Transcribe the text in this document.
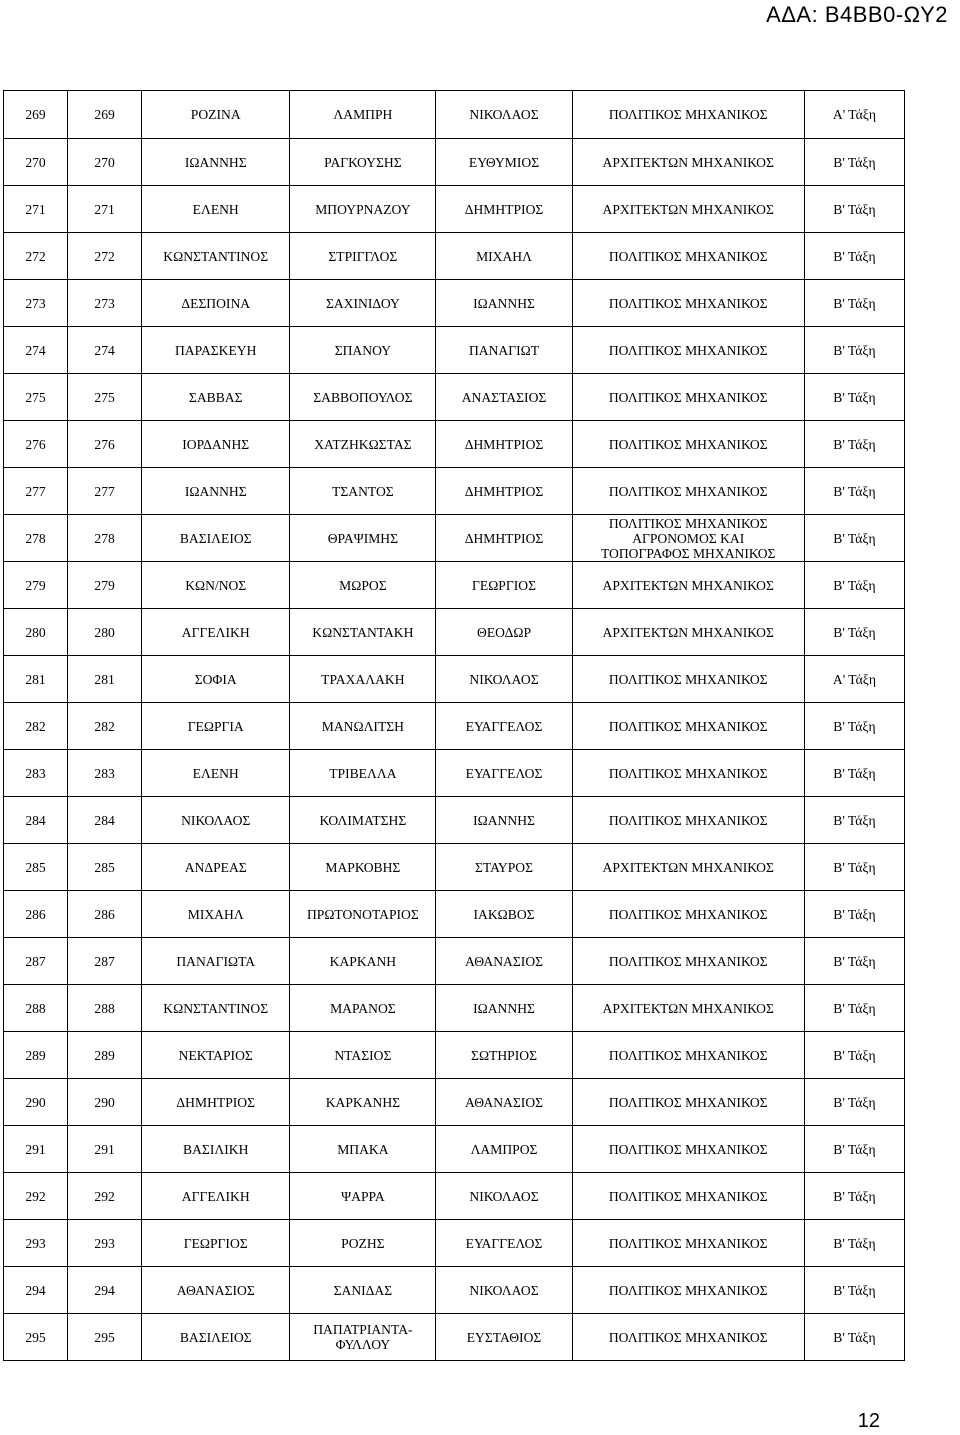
ΑΔΑ: Β4ΒΒ0-ΩΥ2
269	269	ΡΟΖΙΝΑ	ΛΑΜΠΡΗ	ΝΙΚΟΛΑΟΣ	ΠΟΛΙΤΙΚΟΣ ΜΗΧΑΝΙΚΟΣ	Α' Τάξη
270	270	ΙΩΑΝΝΗΣ	ΡΑΓΚΟΥΣΗΣ	ΕΥΘΥΜΙΟΣ	ΑΡΧΙΤΕΚΤΩΝ ΜΗΧΑΝΙΚΟΣ	Β' Τάξη
271	271	ΕΛΕΝΗ	ΜΠΟΥΡΝΑΖΟΥ	ΔΗΜΗΤΡΙΟΣ	ΑΡΧΙΤΕΚΤΩΝ ΜΗΧΑΝΙΚΟΣ	Β' Τάξη
272	272	ΚΩΝΣΤΑΝΤΙΝΟΣ	ΣΤΡΙΓΓΛΟΣ	ΜΙΧΑΗΛ	ΠΟΛΙΤΙΚΟΣ ΜΗΧΑΝΙΚΟΣ	Β' Τάξη
273	273	ΔΕΣΠΟΙΝΑ	ΣΑΧΙΝΙΔΟΥ	ΙΩΑΝΝΗΣ	ΠΟΛΙΤΙΚΟΣ ΜΗΧΑΝΙΚΟΣ	Β' Τάξη
274	274	ΠΑΡΑΣΚΕΥΗ	ΣΠΑΝΟΥ	ΠΑΝΑΓΙΩΤ	ΠΟΛΙΤΙΚΟΣ ΜΗΧΑΝΙΚΟΣ	Β' Τάξη
275	275	ΣΑΒΒΑΣ	ΣΑΒΒΟΠΟΥΛΟΣ	ΑΝΑΣΤΑΣΙΟΣ	ΠΟΛΙΤΙΚΟΣ ΜΗΧΑΝΙΚΟΣ	Β' Τάξη
276	276	ΙΟΡΔΑΝΗΣ	ΧΑΤΖΗΚΩΣΤΑΣ	ΔΗΜΗΤΡΙΟΣ	ΠΟΛΙΤΙΚΟΣ ΜΗΧΑΝΙΚΟΣ	Β' Τάξη
277	277	ΙΩΑΝΝΗΣ	ΤΣΑΝΤΟΣ	ΔΗΜΗΤΡΙΟΣ	ΠΟΛΙΤΙΚΟΣ ΜΗΧΑΝΙΚΟΣ	Β' Τάξη
278	278	ΒΑΣΙΛΕΙΟΣ	ΘΡΑΨΙΜΗΣ	ΔΗΜΗΤΡΙΟΣ	ΠΟΛΙΤΙΚΟΣ ΜΗΧΑΝΙΚΟΣ
ΑΓΡΟΝΟΜΟΣ ΚΑΙ
ΤΟΠΟΓΡΑΦΟΣ ΜΗΧΑΝΙΚΟΣ	Β' Τάξη
279	279	ΚΩΝ/ΝΟΣ	ΜΩΡΟΣ	ΓΕΩΡΓΙΟΣ	ΑΡΧΙΤΕΚΤΩΝ ΜΗΧΑΝΙΚΟΣ	Β' Τάξη
280	280	ΑΓΓΕΛΙΚΗ	ΚΩΝΣΤΑΝΤΑΚΗ	ΘΕΟΔΩΡ	ΑΡΧΙΤΕΚΤΩΝ ΜΗΧΑΝΙΚΟΣ	Β' Τάξη
281	281	ΣΟΦΙΑ	ΤΡΑΧΑΛΑΚΗ	ΝΙΚΟΛΑΟΣ	ΠΟΛΙΤΙΚΟΣ ΜΗΧΑΝΙΚΟΣ	Α' Τάξη
282	282	ΓΕΩΡΓΙΑ	ΜΑΝΩΛΙΤΣΗ	ΕΥΑΓΓΕΛΟΣ	ΠΟΛΙΤΙΚΟΣ ΜΗΧΑΝΙΚΟΣ	Β' Τάξη
283	283	ΕΛΕΝΗ	ΤΡΙΒΕΛΛΑ	ΕΥΑΓΓΕΛΟΣ	ΠΟΛΙΤΙΚΟΣ ΜΗΧΑΝΙΚΟΣ	Β' Τάξη
284	284	ΝΙΚΟΛΑΟΣ	ΚΟΛΙΜΑΤΣΗΣ	ΙΩΑΝΝΗΣ	ΠΟΛΙΤΙΚΟΣ ΜΗΧΑΝΙΚΟΣ	Β' Τάξη
285	285	ΑΝΔΡΕΑΣ	ΜΑΡΚΟΒΗΣ	ΣΤΑΥΡΟΣ	ΑΡΧΙΤΕΚΤΩΝ ΜΗΧΑΝΙΚΟΣ	Β' Τάξη
286	286	ΜΙΧΑΗΛ	ΠΡΩΤΟΝΟΤΑΡΙΟΣ	ΙΑΚΩΒΟΣ	ΠΟΛΙΤΙΚΟΣ ΜΗΧΑΝΙΚΟΣ	Β' Τάξη
287	287	ΠΑΝΑΓΙΩΤΑ	ΚΑΡΚΑΝΗ	ΑΘΑΝΑΣΙΟΣ	ΠΟΛΙΤΙΚΟΣ ΜΗΧΑΝΙΚΟΣ	Β' Τάξη
288	288	ΚΩΝΣΤΑΝΤΙΝΟΣ	ΜΑΡΑΝΟΣ	ΙΩΑΝΝΗΣ	ΑΡΧΙΤΕΚΤΩΝ ΜΗΧΑΝΙΚΟΣ	Β' Τάξη
289	289	ΝΕΚΤΑΡΙΟΣ	ΝΤΑΣΙΟΣ	ΣΩΤΗΡΙΟΣ	ΠΟΛΙΤΙΚΟΣ ΜΗΧΑΝΙΚΟΣ	Β' Τάξη
290	290	ΔΗΜΗΤΡΙΟΣ	ΚΑΡΚΑΝΗΣ	ΑΘΑΝΑΣΙΟΣ	ΠΟΛΙΤΙΚΟΣ ΜΗΧΑΝΙΚΟΣ	Β' Τάξη
291	291	ΒΑΣΙΛΙΚΗ	ΜΠΑΚΑ	ΛΑΜΠΡΟΣ	ΠΟΛΙΤΙΚΟΣ ΜΗΧΑΝΙΚΟΣ	Β' Τάξη
292	292	ΑΓΓΕΛΙΚΗ	ΨΑΡΡΑ	ΝΙΚΟΛΑΟΣ	ΠΟΛΙΤΙΚΟΣ ΜΗΧΑΝΙΚΟΣ	Β' Τάξη
293	293	ΓΕΩΡΓΙΟΣ	ΡΟΖΗΣ	ΕΥΑΓΓΕΛΟΣ	ΠΟΛΙΤΙΚΟΣ ΜΗΧΑΝΙΚΟΣ	Β' Τάξη
294	294	ΑΘΑΝΑΣΙΟΣ	ΣΑΝΙΔΑΣ	ΝΙΚΟΛΑΟΣ	ΠΟΛΙΤΙΚΟΣ ΜΗΧΑΝΙΚΟΣ	Β' Τάξη
295	295	ΒΑΣΙΛΕΙΟΣ	ΠΑΠΑΤΡΙΑΝΤΑ-
ΦΥΛΛΟΥ	ΕΥΣΤΑΘΙΟΣ	ΠΟΛΙΤΙΚΟΣ ΜΗΧΑΝΙΚΟΣ	Β' Τάξη
12
